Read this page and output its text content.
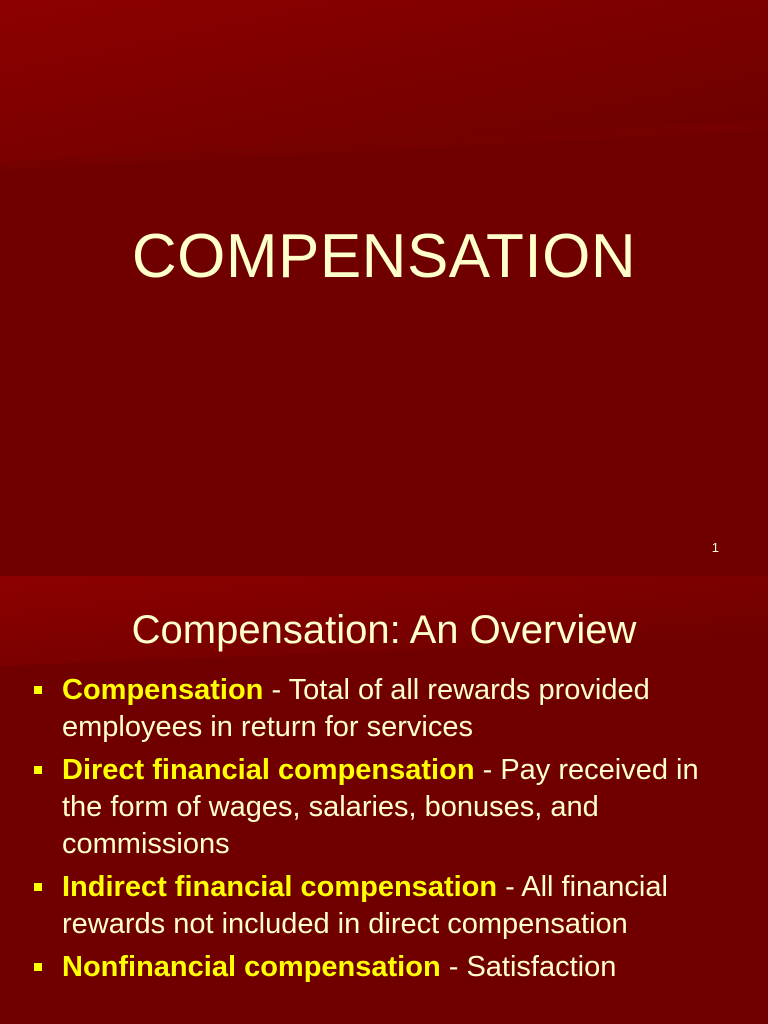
COMPENSATION
1
Compensation: An Overview
Compensation - Total of all rewards provided employees in return for services
Direct financial compensation - Pay received in the form of wages, salaries, bonuses, and commissions
Indirect financial compensation - All financial rewards not included in direct compensation
Nonfinancial compensation - Satisfaction
